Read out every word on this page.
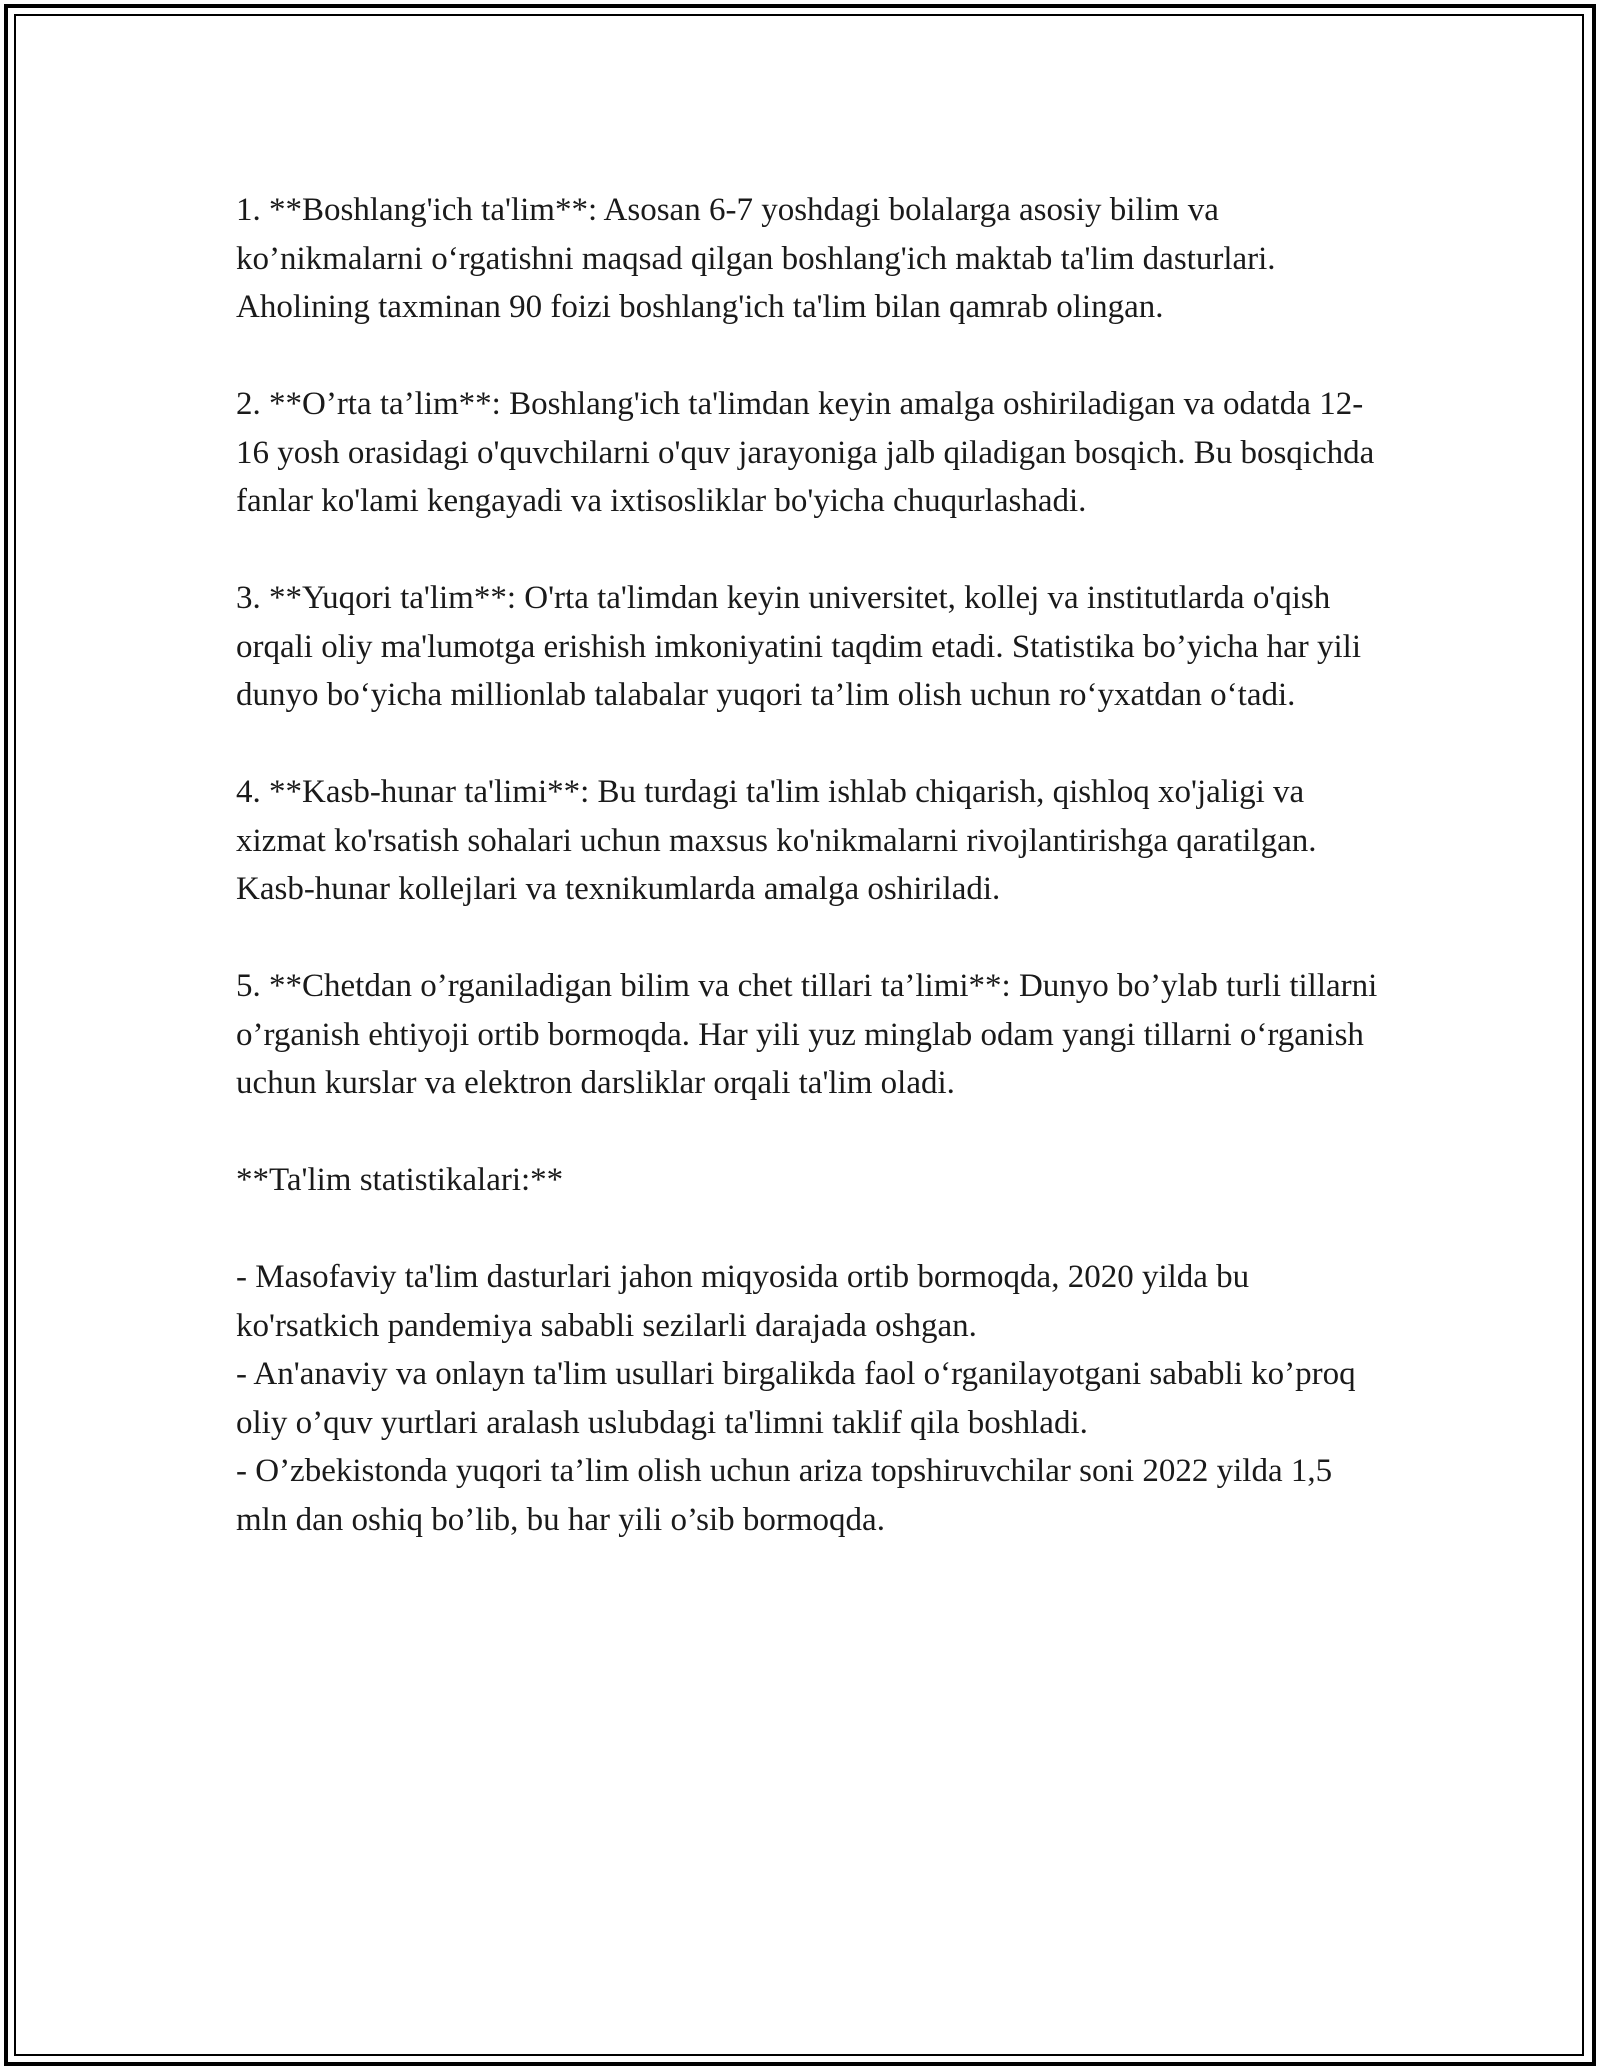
1. **Boshlang'ich ta'lim**: Asosan 6-7 yoshdagi bolalarga asosiy bilim va ko’nikmalarni o‘rgatishni maqsad qilgan boshlang'ich maktab ta'lim dasturlari. Aholining taxminan 90 foizi boshlang'ich ta'lim bilan qamrab olingan.

2. **O’rta ta’lim**: Boshlang'ich ta'limdan keyin amalga oshiriladigan va odatda 12-16 yosh orasidagi o'quvchilarni o'quv jarayoniga jalb qiladigan bosqich. Bu bosqichda fanlar ko'lami kengayadi va ixtisosliklar bo'yicha chuqurlashadi.

3. **Yuqori ta'lim**: O'rta ta'limdan keyin universitet, kollej va institutlarda o'qish orqali oliy ma'lumotga erishish imkoniyatini taqdim etadi. Statistika bo’yicha har yili dunyo bo‘yicha millionlab talabalar yuqori ta’lim olish uchun ro‘yxatdan o‘tadi.

4. **Kasb-hunar ta'limi**: Bu turdagi ta'lim ishlab chiqarish, qishloq xo'jaligi va xizmat ko'rsatish sohalari uchun maxsus ko'nikmalarni rivojlantirishga qaratilgan. Kasb-hunar kollejlari va texnikumlarda amalga oshiriladi.

5. **Chetdan o’rganiladigan bilim va chet tillari ta’limi**: Dunyo bo’ylab turli tillarni o’rganish ehtiyoji ortib bormoqda. Har yili yuz minglab odam yangi tillarni o‘rganish uchun kurslar va elektron darsliklar orqali ta'lim oladi.

**Ta'lim statistikalari:**

- Masofaviy ta'lim dasturlari jahon miqyosida ortib bormoqda, 2020 yilda bu ko'rsatkich pandemiya sababli sezilarli darajada oshgan.

- An'anaviy va onlayn ta'lim usullari birgalikda faol o‘rganilayotgani sababli ko’proq oliy o’quv yurtlari aralash uslubdagi ta'limni taklif qila boshladi.

- O’zbekistonda yuqori ta’lim olish uchun ariza topshiruvchilar soni 2022 yilda 1,5 mln dan oshiq bo’lib, bu har yili o’sib bormoqda.
